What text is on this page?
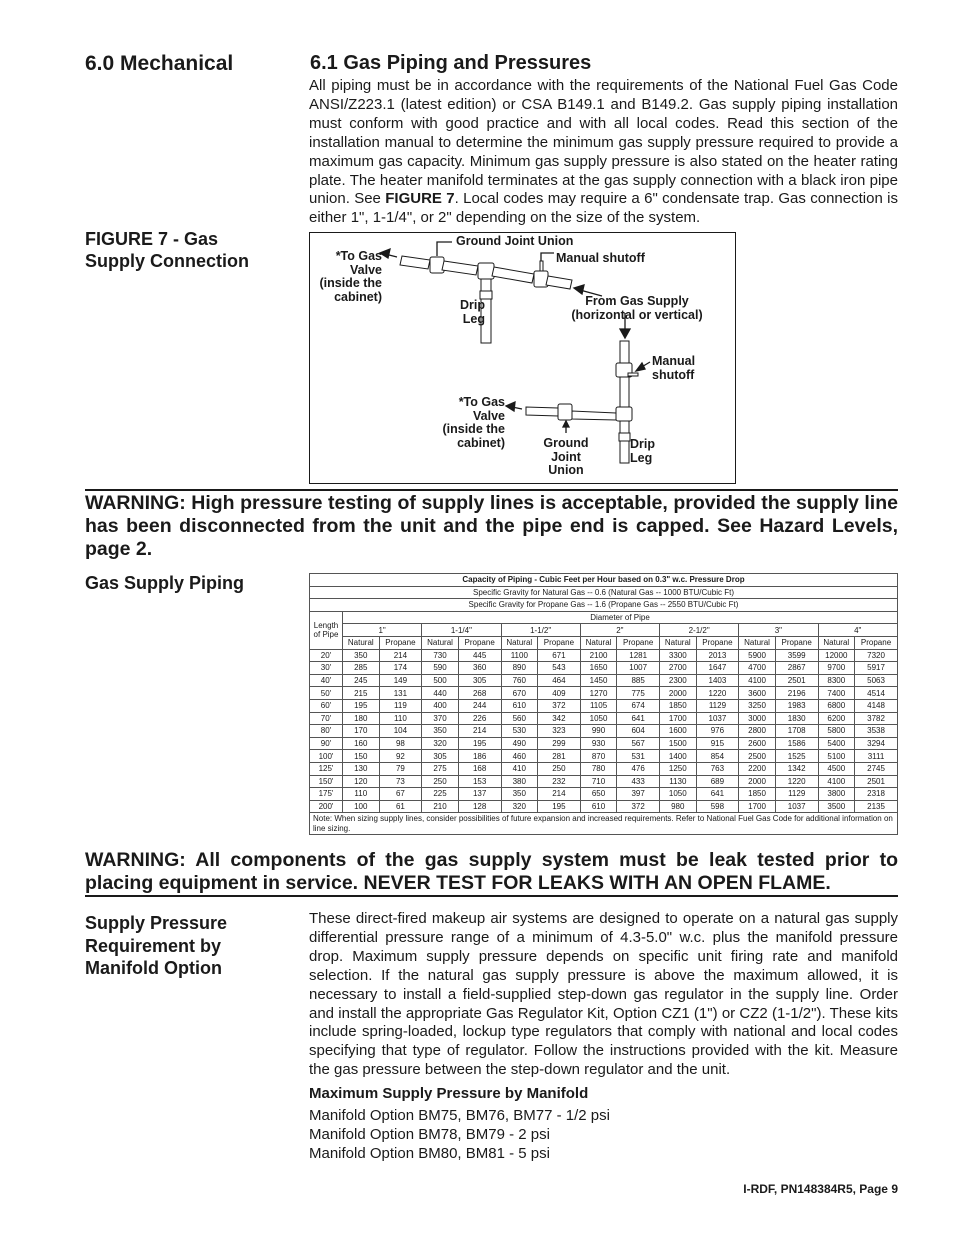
6.0 Mechanical	6.1 Gas Piping and Pressures
All piping must be in accordance with the requirements of the National Fuel Gas Code ANSI/Z223.1 (latest edition) or CSA B149.1 and B149.2. Gas supply piping installation must conform with good practice and with all local codes. Read this section of the installation manual to determine the minimum gas supply pressure required to provide a maximum gas capacity. Minimum gas supply pressure is also stated on the heater rating plate. The heater manifold terminates at the gas supply connection with a black iron pipe union. See FIGURE 7. Local codes may require a 6" condensate trap. Gas connection is either 1", 1-1/4", or 2" depending on the size of the system.
FIGURE 7 - Gas
Supply Connection
Ground Joint Union
*To Gas
Valve
(inside the
cabinet)
Manual shutoff
Drip
Leg
From Gas Supply
(horizontal or vertical)
Manual
shutoff
*To Gas
Valve
(inside the
cabinet)	Ground
Joint
Union
Drip
Leg
WARNING: High pressure testing of supply lines is acceptable, provided the supply line has been disconnected from the unit and the pipe end is capped. See Hazard Levels, page 2.
Gas Supply Piping	Capacity of Piping - Cubic Feet per Hour based on 0.3" w.c. Pressure Drop														
Specific Gravity for Natural Gas -- 0.6 (Natural Gas -- 1000 BTU/Cubic Ft)														
Specific Gravity for Propane Gas -- 1.6 (Propane Gas -- 2550 BTU/Cubic Ft)														

Length
of Pipe	Diameter of Pipe													
	1"		1-1/4"		1-1/2"		2"		2-1/2"		3"		4"	
	Natural	Propane	Natural	Propane	Natural	Propane	Natural	Propane	Natural	Propane	Natural	Propane	Natural	Propane
20'	350	214	730	445	1100	671	2100	1281	3300	2013	5900	3599	12000	7320
30'	285	174	590	360	890	543	1650	1007	2700	1647	4700	2867	9700	5917
40'	245	149	500	305	760	464	1450	885	2300	1403	4100	2501	8300	5063
50'	215	131	440	268	670	409	1270	775	2000	1220	3600	2196	7400	4514
60'	195	119	400	244	610	372	1105	674	1850	1129	3250	1983	6800	4148
70'	180	110	370	226	560	342	1050	641	1700	1037	3000	1830	6200	3782
80'	170	104	350	214	530	323	990	604	1600	976	2800	1708	5800	3538
90'	160	98	320	195	490	299	930	567	1500	915	2600	1586	5400	3294
100'	150	92	305	186	460	281	870	531	1400	854	2500	1525	5100	3111
125'	130	79	275	168	410	250	780	476	1250	763	2200	1342	4500	2745
150'	120	73	250	153	380	232	710	433	1130	689	2000	1220	4100	2501
175'	110	67	225	137	350	214	650	397	1050	641	1850	1129	3800	2318
200'	100	61	210	128	320	195	610	372	980	598	1700	1037	3500	2135
Note: When sizing supply lines, consider possibilities of future expansion and increased requirements. Refer to National Fuel Gas Code for additional information on line sizing.														
WARNING: All components of the gas supply system must be leak tested prior to placing equipment in service. NEVER TEST FOR LEAKS WITH AN OPEN FLAME.
Supply Pressure
Requirement by
Manifold Option
These direct-fired makeup air systems are designed to operate on a natural gas supply differential pressure range of a minimum of 4.3-5.0" w.c. plus the manifold pressure drop. Maximum supply pressure depends on specific unit firing rate and manifold selection. If the natural gas supply pressure is above the maximum allowed, it is necessary to install a field-supplied step-down gas regulator in the supply line. Order and install the appropriate Gas Regulator Kit, Option CZ1 (1") or CZ2 (1-1/2"). These kits include spring-loaded, lockup type regulators that comply with national and local codes specifying that type of regulator. Follow the instructions provided with the kit. Measure the gas pressure between the step-down regulator and the unit.
Maximum Supply Pressure by Manifold
Manifold Option BM75, BM76, BM77 - 1/2 psi
Manifold Option BM78, BM79 - 2 psi
Manifold Option BM80, BM81 - 5 psi
I-RDF, PN148384R5, Page 9
